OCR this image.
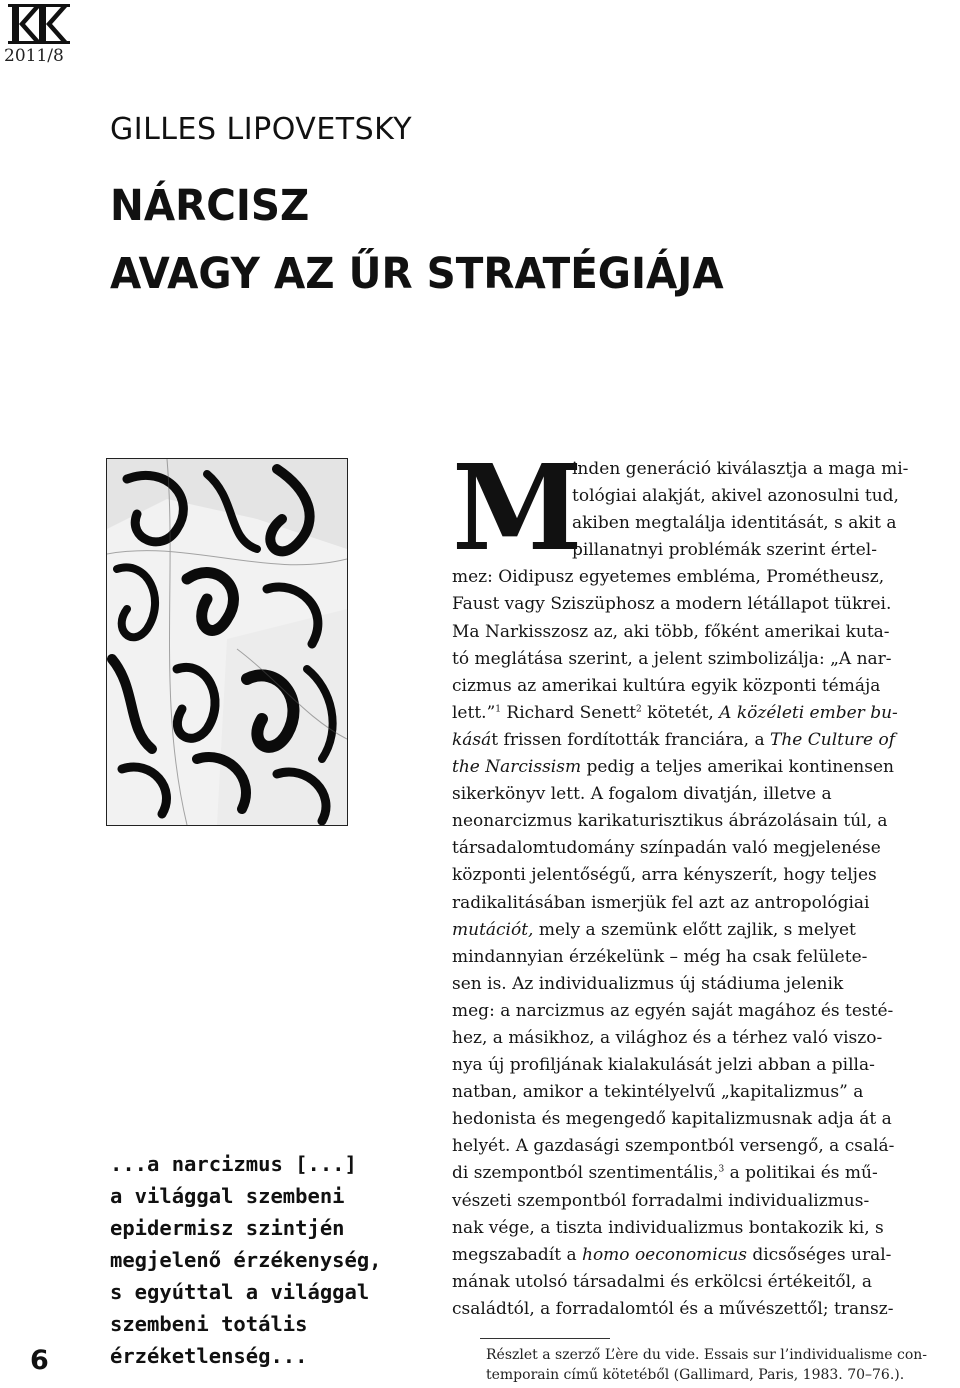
2011/8
GILLES LIPOVETSKY
NÁRCISZ
AVAGY AZ ŰR STRATÉGIÁJA
...a narcizmus [...]
a világgal szembeni
epidermisz szintjén
megjelenő érzékenység,
s egyúttal a világgal
szembeni totális
érzéketlenség...
6
M
inden generáció kiválasztja a maga mi-
tológiai alakját, akivel azonosulni tud,
akiben megtalálja identitását, s akit a
pillanatnyi problémák szerint értel-
mez: Oidipusz egyetemes embléma, Prométheusz,
Faust vagy Sziszüphosz a modern létállapot tükrei.
Ma Narkisszosz az, aki több, főként amerikai kuta-
tó meglátása szerint, a jelent szimbolizálja: „A nar-
cizmus az amerikai kultúra egyik központi témája
lett.”$^1$ Richard Senett$^2$ kötetét, A közéleti ember bu-
kását frissen fordították franciára, a The Culture of
the Narcissism pedig a teljes amerikai kontinensen
sikerkönyv lett. A fogalom divatján, illetve a
neonarcizmus karikaturisztikus ábrázolásain túl, a
társadalomtudomány színpadán való megjelenése
központi jelentőségű, arra kényszerít, hogy teljes
radikalitásában ismerjük fel azt az antropológiai
mutációt, mely a szemünk előtt zajlik, s melyet
mindannyian érzékelünk – még ha csak felülete-
sen is. Az individualizmus új stádiuma jelenik
meg: a narcizmus az egyén saját magához és testé-
hez, a másikhoz, a világhoz és a térhez való viszo-
nya új profiljának kialakulását jelzi abban a pilla-
natban, amikor a tekintélyelvű „kapitalizmus” a
hedonista és megengedő kapitalizmusnak adja át a
helyét. A gazdasági szempontból versengő, a csalá-
di szempontból szentimentális,$^3$ a politikai és mű-
vészeti szempontból forradalmi individualizmus-
nak vége, a tiszta individualizmus bontakozik ki, s
megszabadít a homo oeconomicus dicsőséges ural-
mának utolsó társadalmi és erkölcsi értékeitől, a
családtól, a forradalomtól és a művészettől; transz-
Részlet a szerző L’ère du vide. Essais sur l’individualisme con-
temporain című kötetéből (Gallimard, Paris, 1983. 70–76.).
